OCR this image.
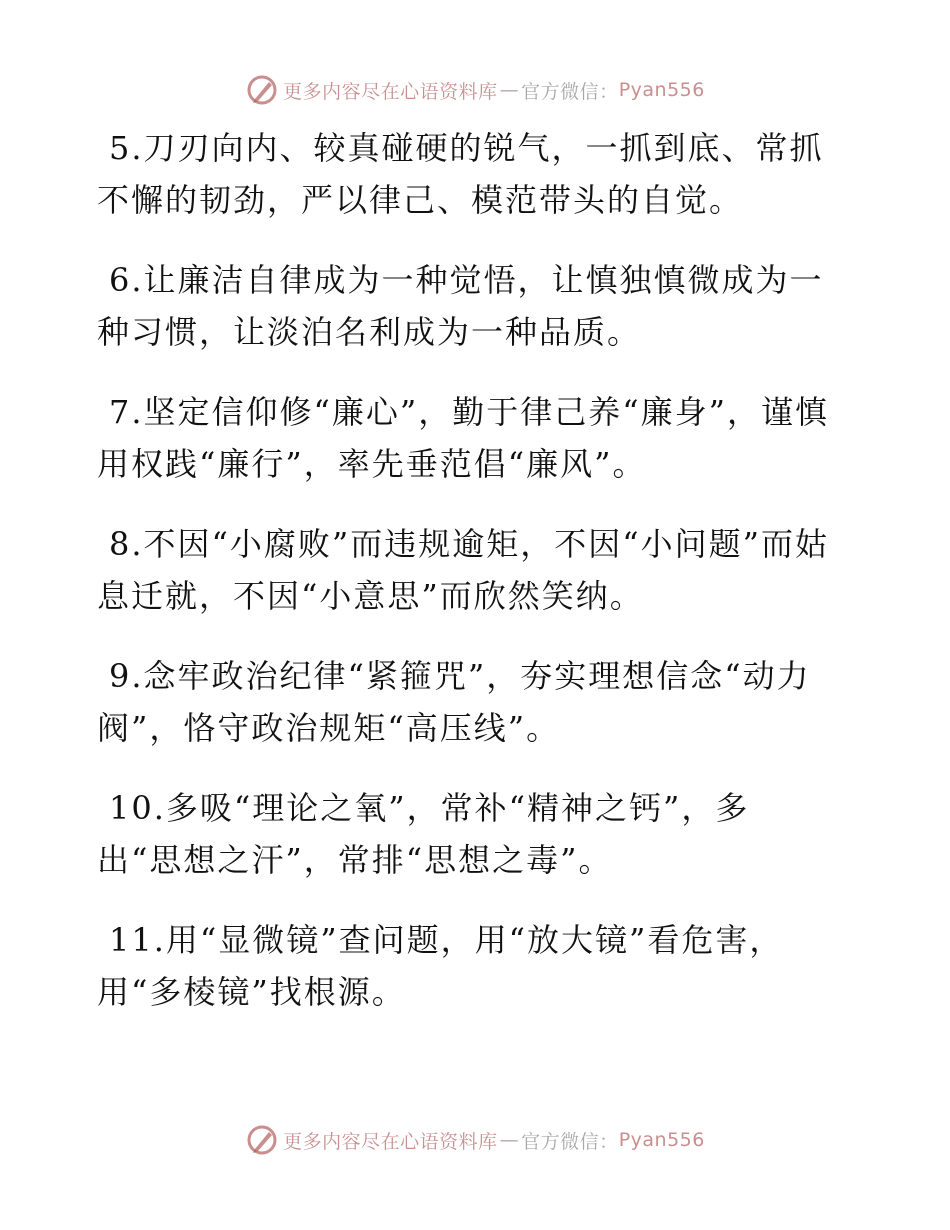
更多内容尽在心语资料库 — 官方微信： Pyan556

5.刀刃向内、较真碰硬的锐气，一抓到底、常抓不懈的韧劲，严以律己、模范带头的自觉。

6.让廉洁自律成为一种觉悟，让慎独慎微成为一种习惯，让淡泊名利成为一种品质。

7.坚定信仰修“廉心”，勤于律己养“廉身”，谨慎用权践“廉行”，率先垂范倡“廉风”。

8.不因“小腐败”而违规逾矩，不因“小问题”而姑息迁就，不因“小意思”而欣然笑纳。

9.念牢政治纪律“紧箍咒”，夯实理想信念“动力阀”，恪守政治规矩“高压线”。

10.多吸“理论之氧”，常补“精神之钙”，多出“思想之汗”，常排“思想之毒”。

11.用“显微镜”查问题，用“放大镜”看危害，用“多棱镜”找根源。

更多内容尽在心语资料库 — 官方微信： Pyan556
